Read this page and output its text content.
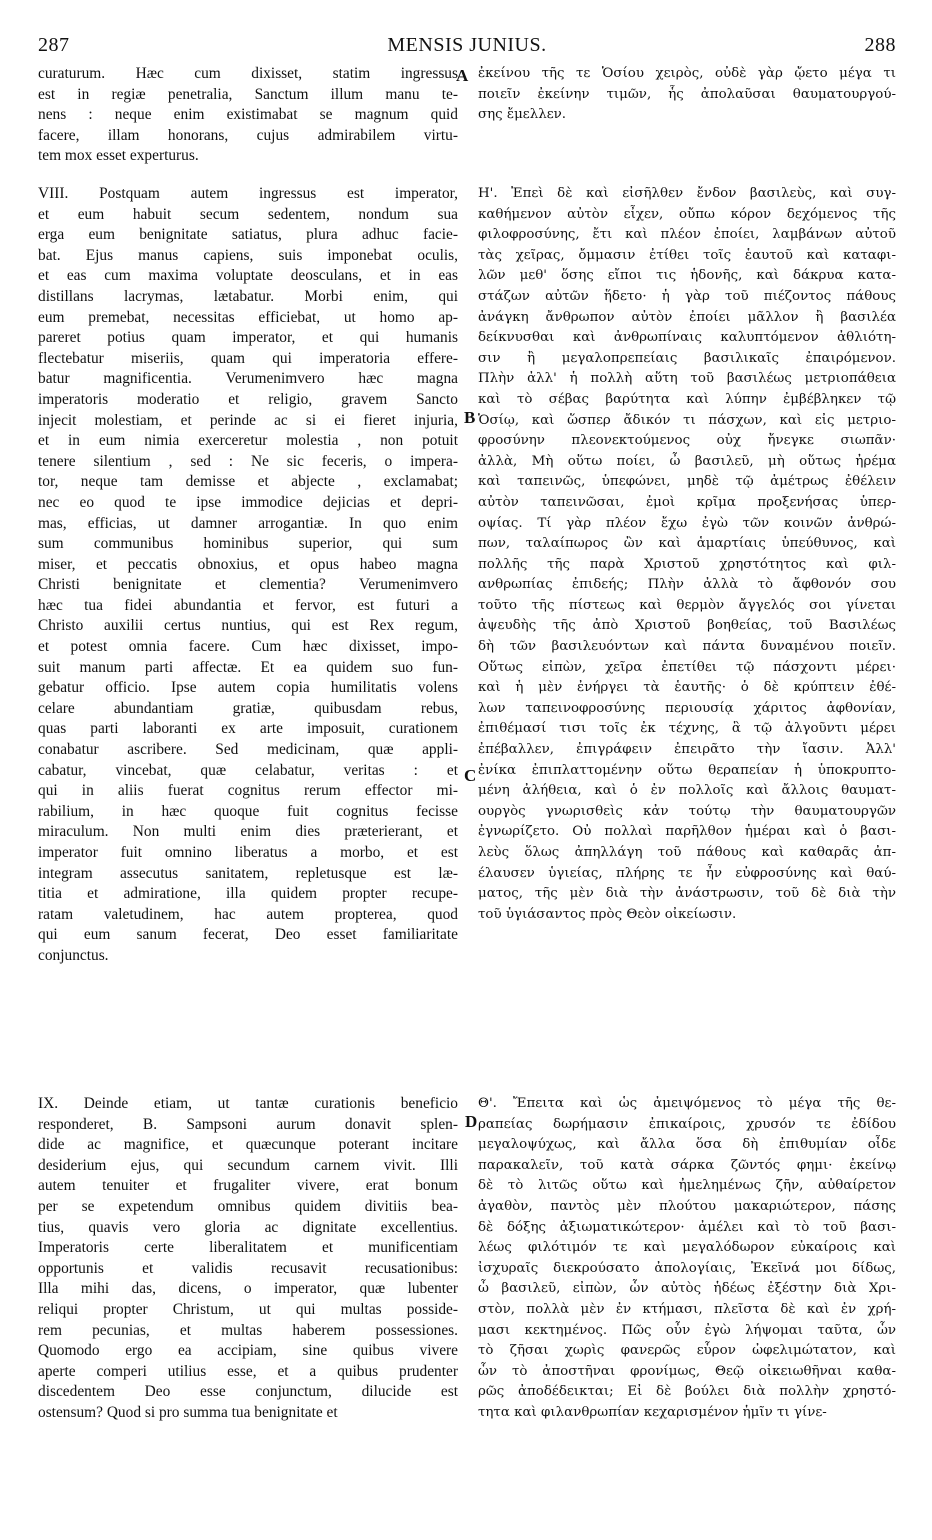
287	MENSIS JUNIUS.	288
A
B
C
D
curaturum. Hæc cum dixisset, statim ingressus
est in regiæ penetralia, Sanctum illum manu te-
nens : neque enim existimabat se magnum quid
facere, illam honorans, cujus admirabilem virtu-
tem mox esset experturus.
VIII. Postquam autem ingressus est imperator,
et eum habuit secum sedentem, nondum sua
erga eum benignitate satiatus, plura adhuc facie-
bat. Ejus manus capiens, suis imponebat oculis,
et eas cum maxima voluptate deosculans, et in eas
distillans lacrymas, lætabatur. Morbi enim, qui
eum premebat, necessitas efficiebat, ut homo ap-
pareret potius quam imperator, et qui humanis
flectebatur miseriis, quam qui imperatoria effere-
batur magnificentia. Verumenimvero hæc magna
imperatoris moderatio et religio, gravem Sancto
injecit molestiam, et perinde ac si ei fieret injuria,
et in eum nimia exerceretur molestia , non potuit
tenere silentium , sed : Ne sic feceris, o impera-
tor, neque tam demisse et abjecte , exclamabat;
nec eo quod te ipse immodice dejicias et depri-
mas, efficias, ut damner arrogantiæ. In quo enim
sum communibus hominibus superior, qui sum
miser, et peccatis obnoxius, et opus habeo magna
Christi benignitate et clementia? Verumenimvero
hæc tua fidei abundantia et fervor, est futuri a
Christo auxilii certus nuntius, qui est Rex regum,
et potest omnia facere. Cum hæc dixisset, impo-
suit manum parti affectæ. Et ea quidem suo fun-
gebatur officio. Ipse autem copia humilitatis volens
celare abundantiam gratiæ, quibusdam rebus,
quas parti laboranti ex arte imposuit, curationem
conabatur ascribere. Sed medicinam, quæ appli-
cabatur, vincebat, quæ celabatur, veritas : et
qui in aliis fuerat cognitus rerum effector mi-
rabilium, in hæc quoque fuit cognitus fecisse
miraculum. Non multi enim dies præterierant, et
imperator fuit omnino liberatus a morbo, et est
integram assecutus sanitatem, repletusque est læ-
titia et admiratione, illa quidem propter recupe-
ratam valetudinem, hac autem propterea, quod
qui eum sanum fecerat, Deo esset familiaritate
conjunctus.
IX. Deinde etiam, ut tantæ curationis beneficio
responderet, B. Sampsoni aurum donavit splen-
dide ac magnifice, et quæcunque poterant incitare
desiderium ejus, qui secundum carnem vivit. Illi
autem tenuiter et frugaliter vivere, erat bonum
per se expetendum omnibus quidem divitiis bea-
tius, quavis vero gloria ac dignitate excellentius.
Imperatoris certe liberalitatem et munificentiam
opportunis et validis recusavit recusationibus:
Illa mihi das, dicens, o imperator, quæ lubenter
reliqui propter Christum, ut qui multas posside-
rem pecunias, et multas haberem possessiones.
Quomodo ergo ea accipiam, sine quibus vivere
aperte comperi utilius esse, et a quibus prudenter
discedentem Deo esse conjunctum, dilucide est
ostensum? Quod si pro summa tua benignitate et
ἐκείνου τῆς τε Ὁσίου χειρὸς, οὐδὲ γὰρ ᾤετο μέγα τι
ποιεῖν ἐκείνην τιμῶν, ἧς ἀπολαῦσαι θαυματουργού-
σης ἔμελλεν.
Η'. Ἐπεὶ δὲ καὶ εἰσῆλθεν ἔνδον βασιλεὺς, καὶ συγ-
καθήμενον αὐτὸν εἶχεν, οὔπω κόρον δεχόμενος τῆς
φιλοφροσύνης, ἔτι καὶ πλέον ἐποίει, λαμβάνων αὐτοῦ
τὰς χεῖρας, ὄμμασιν ἐτίθει τοῖς ἑαυτοῦ καὶ καταφι-
λῶν μεθ' ὅσης εἴποι τις ἡδονῆς, καὶ δάκρυα κατα-
στάζων αὐτῶν ἥδετο· ἡ γὰρ τοῦ πιέζοντος πάθους
ἀνάγκη ἄνθρωπον αὐτὸν ἐποίει μᾶλλον ἢ βασιλέα
δείκνυσθαι καὶ ἀνθρωπίναις καλυπτόμενον ἀθλιότη-
σιν ἢ μεγαλοπρεπείαις βασιλικαῖς ἐπαιρόμενον.
Πλὴν ἀλλ' ἡ πολλὴ αὕτη τοῦ βασιλέως μετριοπάθεια
καὶ τὸ σέβας βαρύτητα καὶ λύπην ἐμβέβληκεν τῷ
Ὁσίῳ, καὶ ὥσπερ ἄδικόν τι πάσχων, καὶ εἰς μετριο-
φροσύνην πλεονεκτούμενος οὐχ ἤνεγκε σιωπᾶν·
ἀλλὰ, Μὴ οὕτω ποίει, ὦ βασιλεῦ, μὴ οὕτως ἠρέμα
καὶ ταπεινῶς, ὑπεφώνει, μηδὲ τῷ ἀμέτρως ἐθέλειν
αὐτὸν ταπεινῶσαι, ἐμοὶ κρῖμα προξενήσας ὑπερ-
οψίας. Τί γὰρ πλέον ἔχω ἐγὼ τῶν κοινῶν ἀνθρώ-
πων, ταλαίπωρος ὢν καὶ ἁμαρτίαις ὑπεύθυνος, καὶ
πολλῆς τῆς παρὰ Χριστοῦ χρηστότητος καὶ φιλ-
ανθρωπίας ἐπιδεής; Πλὴν ἀλλὰ τὸ ἄφθονόν σου
τοῦτο τῆς πίστεως καὶ θερμὸν ἄγγελός σοι γίνεται
ἀψευδὴς τῆς ἀπὸ Χριστοῦ βοηθείας, τοῦ Βασιλέως
δὴ τῶν βασιλευόντων καὶ πάντα δυναμένου ποιεῖν.
Οὕτως εἰπὼν, χεῖρα ἐπετίθει τῷ πάσχοντι μέρει·
καὶ ἡ μὲν ἐνήργει τὰ ἑαυτῆς· ὁ δὲ κρύπτειν ἐθέ-
λων ταπεινοφροσύνης περιουσίᾳ χάριτος ἀφθονίαν,
ἐπιθέμασί τισι τοῖς ἐκ τέχνης, ἃ τῷ ἀλγοῦντι μέρει
ἐπέβαλλεν, ἐπιγράφειν ἐπειρᾶτο τὴν ἴασιν. Ἀλλ'
ἐνίκα ἐπιπλαττομένην οὕτω θεραπείαν ἡ ὑποκρυπτο-
μένη ἀλήθεια, καὶ ὁ ἐν πολλοῖς καὶ ἄλλοις θαυματ-
ουργὸς γνωρισθεὶς κἀν τούτῳ τὴν θαυματουργῶν
ἐγνωρίζετο. Οὐ πολλαὶ παρῆλθον ἡμέραι καὶ ὁ βασι-
λεὺς ὅλως ἀπηλλάγη τοῦ πάθους καὶ καθαρᾶς ἀπ-
έλαυσεν ὑγιείας, πλήρης τε ἦν εὐφροσύνης καὶ θαύ-
ματος, τῆς μὲν διὰ τὴν ἀνάστρωσιν, τοῦ δὲ διὰ τὴν
τοῦ ὑγιάσαντος πρὸς Θεὸν οἰκείωσιν.
Θ'. Ἔπειτα καὶ ὡς ἀμειψόμενος τὸ μέγα τῆς θε-
ραπείας δωρήμασιν ἐπικαίροις, χρυσόν τε ἐδίδου
μεγαλοψύχως, καὶ ἄλλα ὅσα δὴ ἐπιθυμίαν οἶδε
παρακαλεῖν, τοῦ κατὰ σάρκα ζῶντός φημι· ἐκείνῳ
δὲ τὸ λιτῶς οὕτω καὶ ἠμελημένως ζῆν, αὐθαίρετον
ἀγαθὸν, παντὸς μὲν πλούτου μακαριώτερον, πάσης
δὲ δόξης ἀξιωματικώτερον· ἀμέλει καὶ τὸ τοῦ βασι-
λέως φιλότιμόν τε καὶ μεγαλόδωρον εὐκαίροις καὶ
ἰσχυραῖς διεκρούσατο ἀπολογίαις, Ἐκεῖνά μοι δίδως,
ὦ βασιλεῦ, εἰπὼν, ὧν αὐτὸς ἡδέως ἐξέστην διὰ Χρι-
στὸν, πολλὰ μὲν ἐν κτήμασι, πλεῖστα δὲ καὶ ἐν χρή-
μασι κεκτημένος. Πῶς οὖν ἐγὼ λήψομαι ταῦτα, ὧν
τὸ ζῆσαι χωρὶς φανερῶς εὗρον ὠφελιμώτατον, καὶ
ὧν τὸ ἀποστῆναι φρονίμως, Θεῷ οἰκειωθῆναι καθα-
ρῶς ἀποδέδεικται; Εἰ δὲ βούλει διὰ πολλὴν χρηστό-
τητα καὶ φιλανθρωπίαν κεχαρισμένον ἡμῖν τι γίνε-
